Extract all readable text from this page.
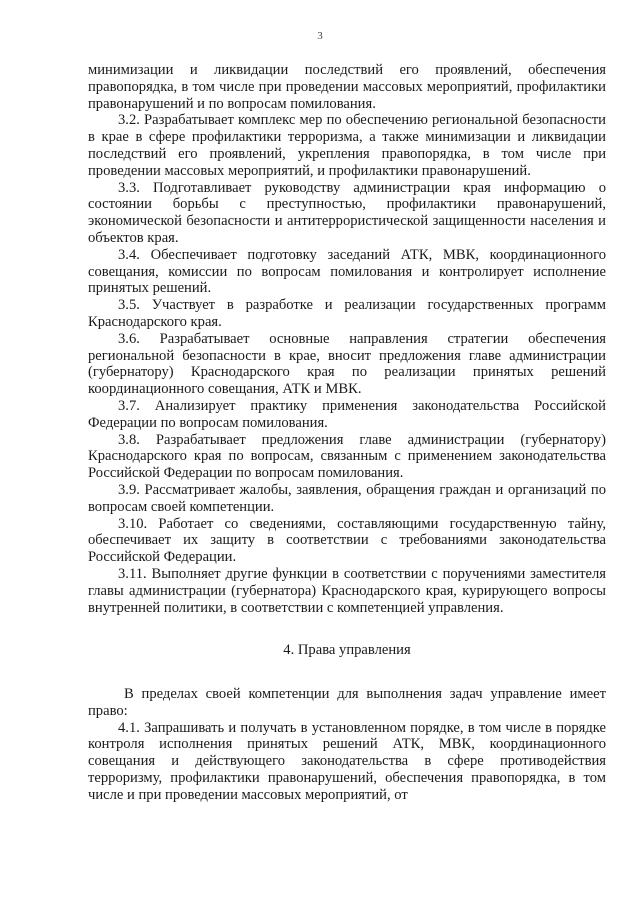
3

минимизации и ликвидации последствий его проявлений, обеспечения правопорядка, в том числе при проведении массовых мероприятий, профилактики правонарушений и по вопросам помилования.

3.2. Разрабатывает комплекс мер по обеспечению региональной безопасности в крае в сфере профилактики терроризма, а также минимизации и ликвидации последствий его проявлений, укрепления правопорядка, в том числе при проведении массовых мероприятий, и профилактики правонарушений.

3.3. Подготавливает руководству администрации края информацию о состоянии борьбы с преступностью, профилактики правонарушений, экономической безопасности и антитеррористической защищенности населения и объектов края.

3.4. Обеспечивает подготовку заседаний АТК, МВК, координационного совещания, комиссии по вопросам помилования и контролирует исполнение принятых решений.

3.5. Участвует в разработке и реализации государственных программ Краснодарского края.

3.6. Разрабатывает основные направления стратегии обеспечения региональной безопасности в крае, вносит предложения главе администрации (губернатору) Краснодарского края по реализации принятых решений координационного совещания, АТК и МВК.

3.7. Анализирует практику применения законодательства Российской Федерации по вопросам помилования.

3.8. Разрабатывает предложения главе администрации (губернатору) Краснодарского края по вопросам, связанным с применением законодательства Российской Федерации по вопросам помилования.

3.9. Рассматривает жалобы, заявления, обращения граждан и организаций по вопросам своей компетенции.

3.10. Работает со сведениями, составляющими государственную тайну, обеспечивает их защиту в соответствии с требованиями законодательства Российской Федерации.

3.11. Выполняет другие функции в соответствии с поручениями заместителя главы администрации (губернатора) Краснодарского края, курирующего вопросы внутренней политики, в соответствии с компетенцией управления.

4. Права управления

В пределах своей компетенции для выполнения задач управление имеет право:

4.1. Запрашивать и получать в установленном порядке, в том числе в порядке контроля исполнения принятых решений АТК, МВК, координационного совещания и действующего законодательства в сфере противодействия терроризму, профилактики правонарушений, обеспечения правопорядка, в том числе и при проведении массовых мероприятий, от
